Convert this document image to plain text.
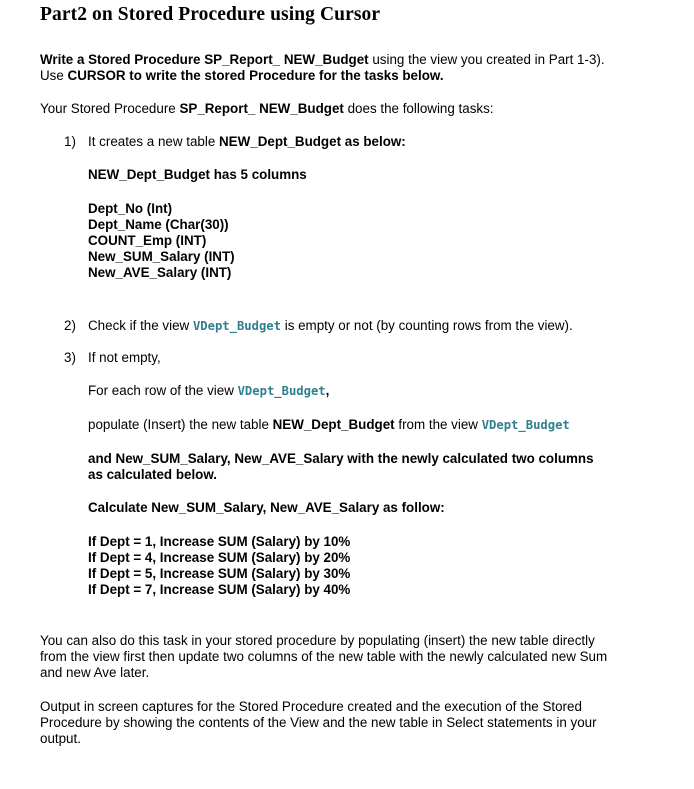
Part2 on Stored Procedure using Cursor
Write a Stored Procedure SP_Report_ NEW_Budget using the view you created in Part 1-3).
Use CURSOR to write the stored Procedure for the tasks below.
Your Stored Procedure SP_Report_ NEW_Budget does the following tasks:
1) It creates a new table NEW_Dept_Budget as below:
NEW_Dept_Budget has 5 columns
Dept_No (Int)
Dept_Name (Char(30))
COUNT_Emp (INT)
New_SUM_Salary (INT)
New_AVE_Salary (INT)
2) Check if the view VDept_Budget is empty or not (by counting rows from the view).
3) If not empty,
For each row of the view VDept_Budget,
populate (Insert) the new table NEW_Dept_Budget from the view VDept_Budget
and New_SUM_Salary, New_AVE_Salary with the newly calculated two columns
as calculated below.
Calculate New_SUM_Salary, New_AVE_Salary as follow:
If Dept = 1, Increase SUM (Salary) by 10%
If Dept = 4, Increase SUM (Salary) by 20%
If Dept = 5, Increase SUM (Salary) by 30%
If Dept = 7, Increase SUM (Salary) by 40%
You can also do this task in your stored procedure by populating (insert) the new table directly
from the view first then update two columns of the new table with the newly calculated new Sum
and new Ave later.
Output in screen captures for the Stored Procedure created and the execution of the Stored
Procedure by showing the contents of the View and the new table in Select statements in your
output.
